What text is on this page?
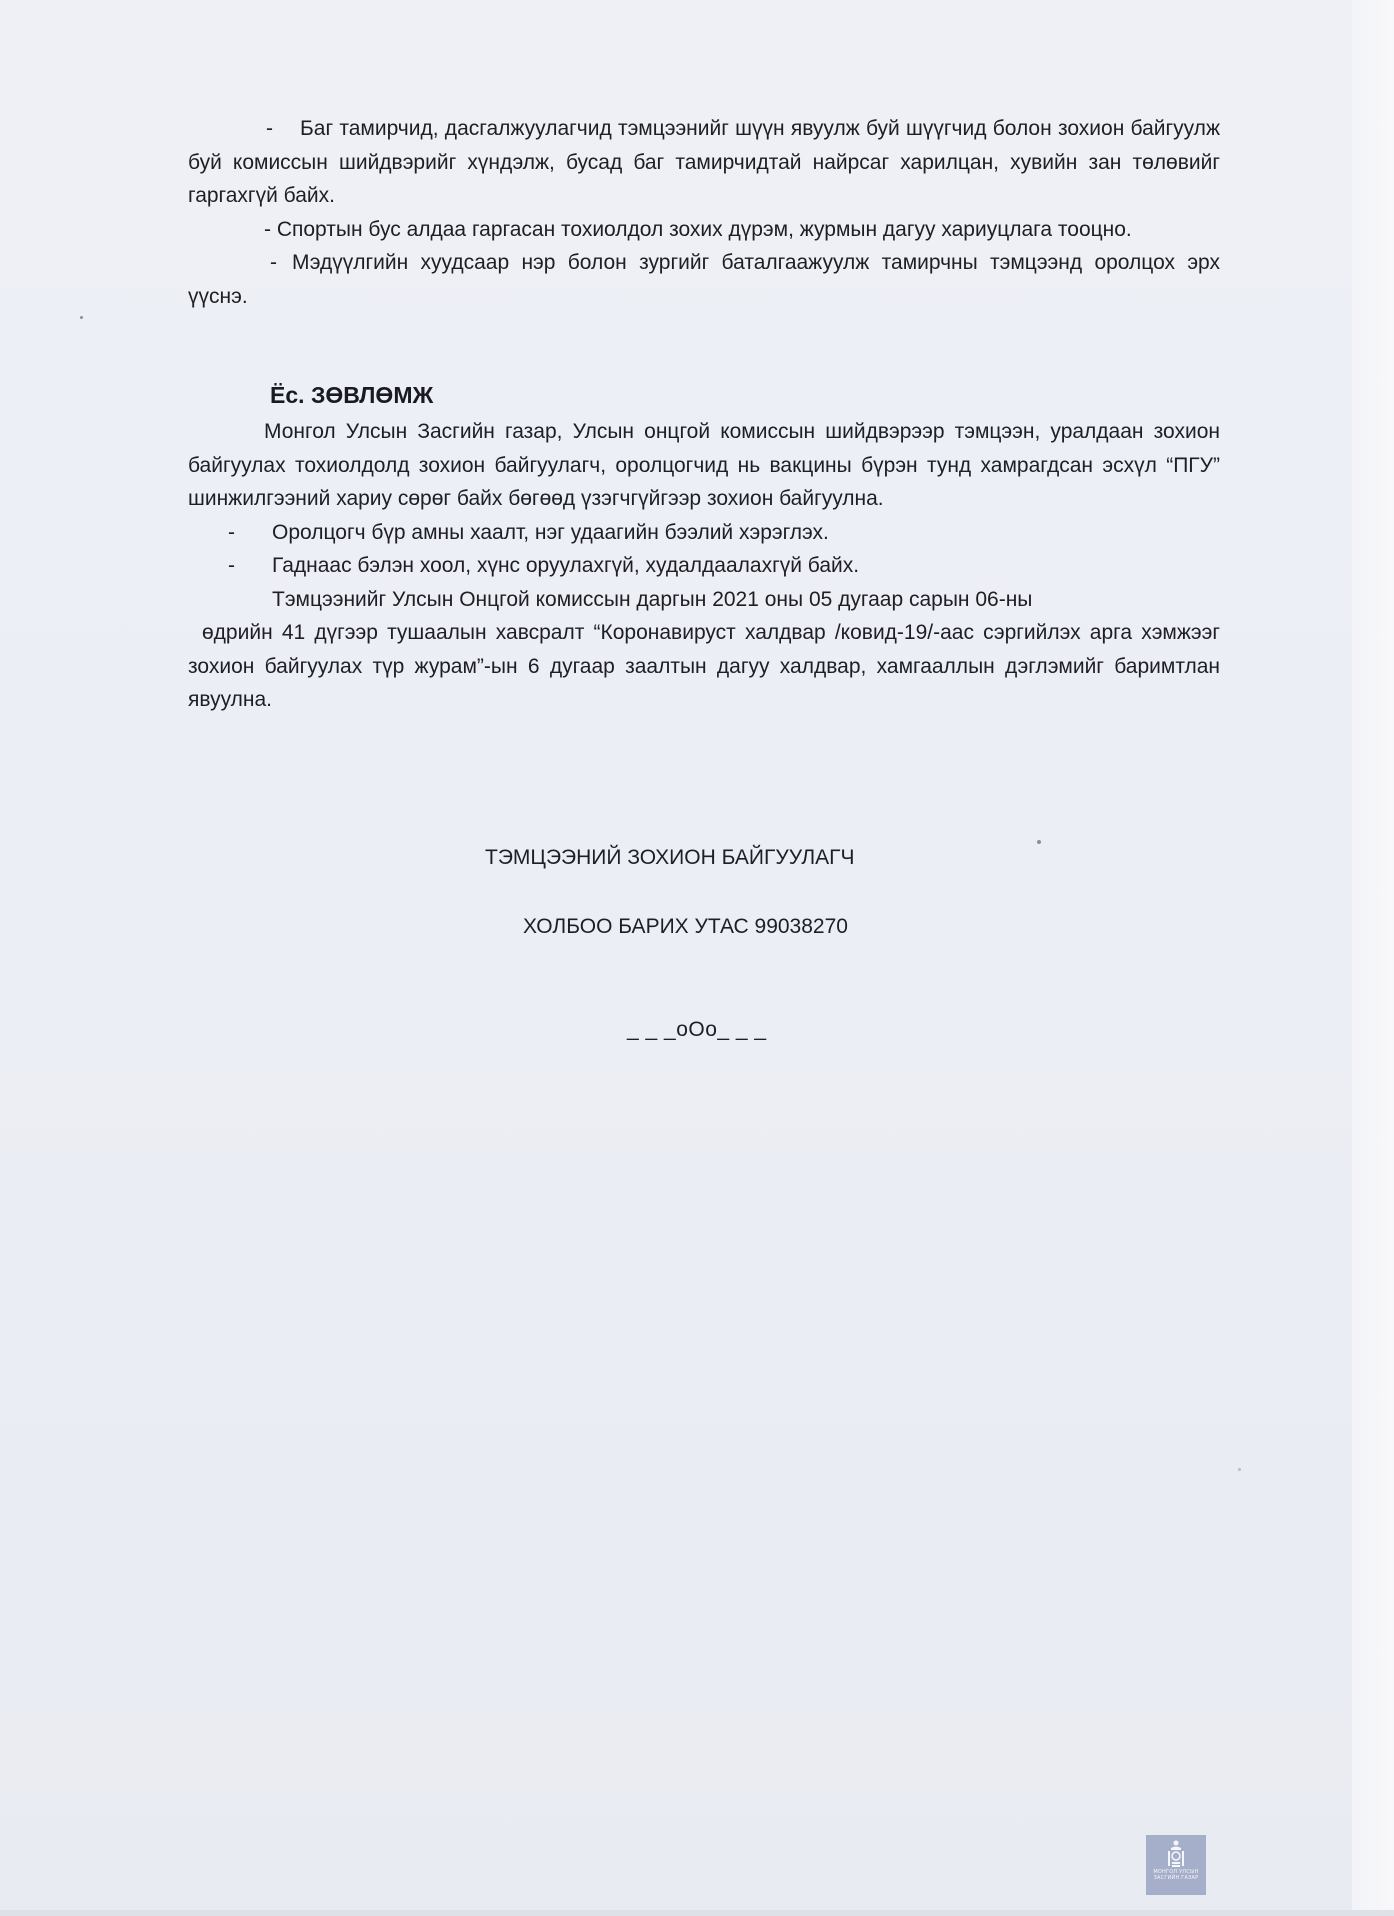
-	Баг тамирчид, дасгалжуулагчид тэмцээнийг шүүн явуулж буй шүүгчид болон зохион байгуулж буй комиссын шийдвэрийг хүндэлж, бусад баг тамирчидтай найрсаг харилцан, хувийн зан төлөвийг гаргахгүй байх.

- Спортын бус алдаа гаргасан тохиолдол зохих дүрэм, журмын дагуу хариуцлага тооцно.

- Мэдүүлгийн хуудсаар нэр болон зургийг баталгаажуулж тамирчны тэмцээнд оролцох эрх үүснэ.

Ёс. ЗӨВЛӨМЖ

Монгол Улсын Засгийн газар, Улсын онцгой комиссын шийдвэрээр тэмцээн, уралдаан зохион байгуулах тохиолдолд зохион байгуулагч, оролцогчид нь вакцины бүрэн тунд хамрагдсан эсхүл “ПГУ” шинжилгээний хариу сөрөг байх бөгөөд үзэгчгүйгээр зохион байгуулна.

-	Оролцогч бүр амны хаалт, нэг удаагийн бээлий хэрэглэх.
-	Гаднаас бэлэн хоол, хүнс оруулахгүй, худалдаалахгүй байх.

Тэмцээнийг Улсын Онцгой комиссын даргын 2021 оны 05 дугаар сарын 06-ны

өдрийн 41 дүгээр тушаалын хавсралт “Коронавируст халдвар /ковид-19/-аас сэргийлэх арга хэмжээг зохион байгуулах түр журам”-ын 6 дугаар заалтын дагуу халдвар, хамгааллын дэглэмийг баримтлан явуулна.

ТЭМЦЭЭНИЙ ЗОХИОН БАЙГУУЛАГЧ

ХОЛБОО БАРИХ УТАС 99038270

_ _ _oOo_ _ _

МОНГОЛ УЛСЫН
ЗАСГИЙН ГАЗАР
